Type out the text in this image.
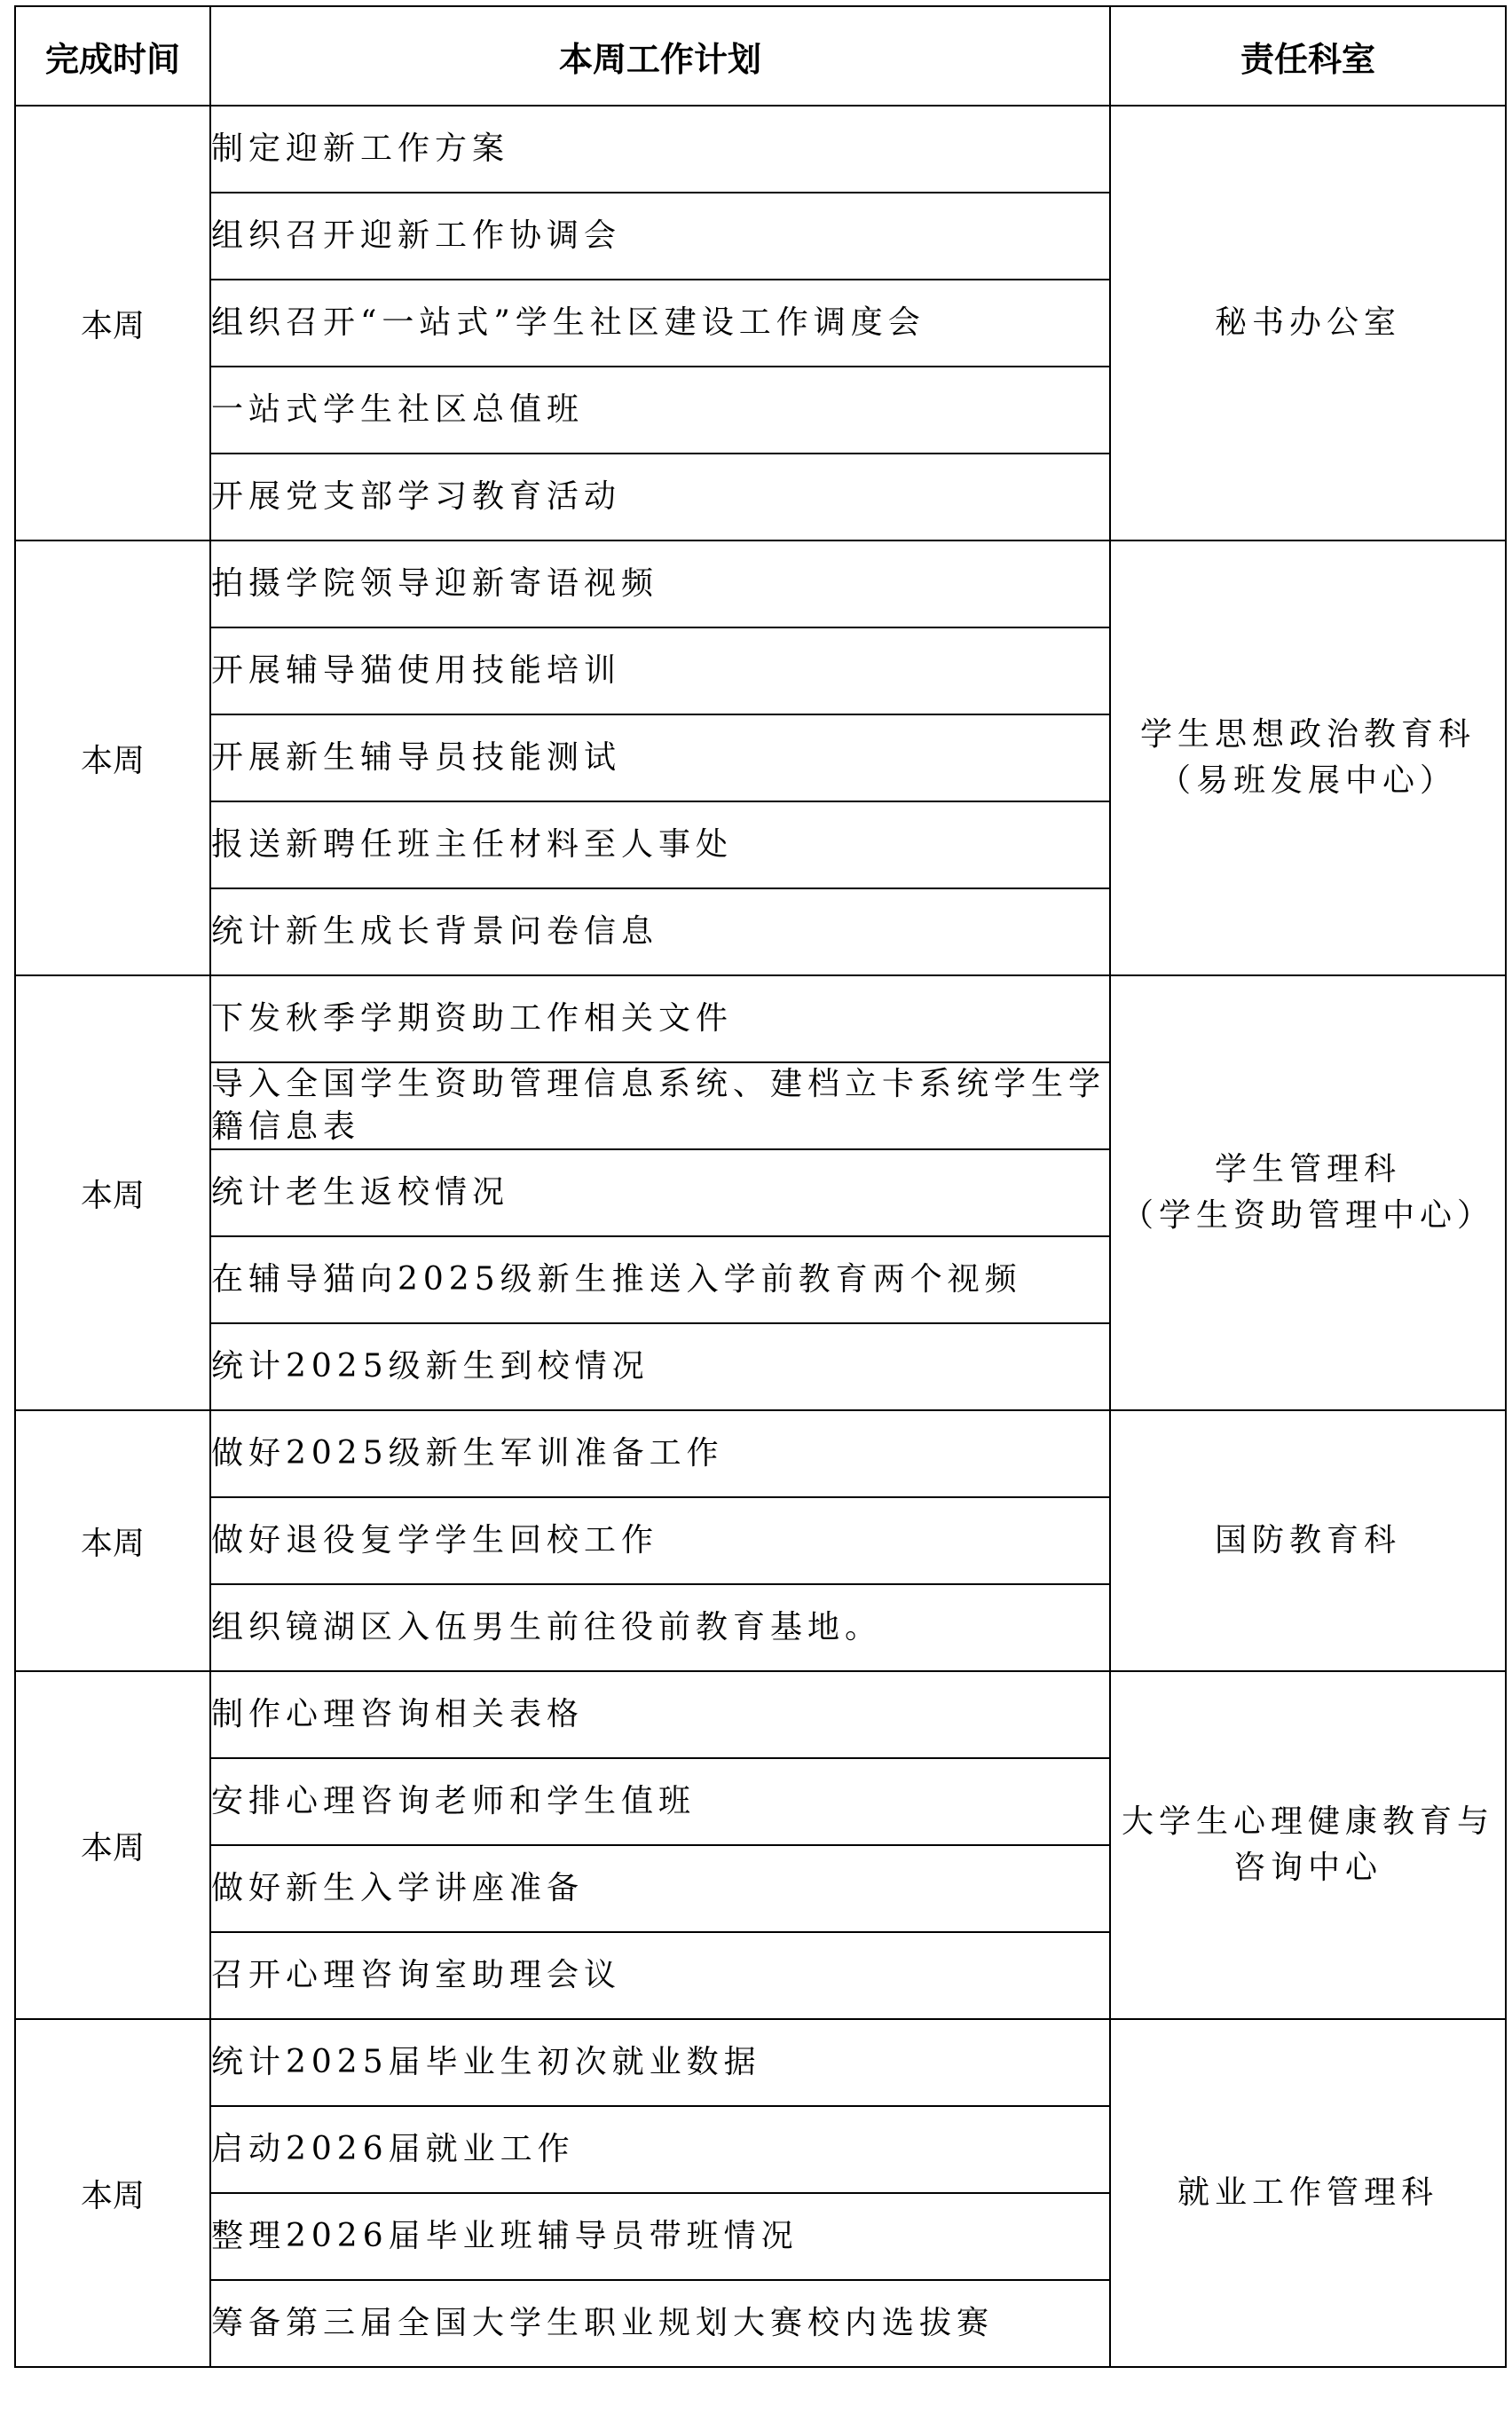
完成时间	本周工作计划	责任科室
本周	制定迎新工作方案	秘书办公室

	组织召开迎新工作协调会	
	组织召开“一站式”学生社区建设工作调度会	
	一站式学生社区总值班	
	开展党支部学习教育活动	
本周	拍摄学院领导迎新寄语视频	学生思想政治教育科
（易班发展中心）

	开展辅导猫使用技能培训	
	开展新生辅导员技能测试	
	报送新聘任班主任材料至人事处	
	统计新生成长背景问卷信息	
本周	下发秋季学期资助工作相关文件	学生管理科
（学生资助管理中心）

	导入全国学生资助管理信息系统、建档立卡系统学生学籍信息表	
	统计老生返校情况	
	在辅导猫向2025级新生推送入学前教育两个视频	
	统计2025级新生到校情况	
本周	做好2025级新生军训准备工作	国防教育科

	做好退役复学学生回校工作	
	组织镜湖区入伍男生前往役前教育基地。	
本周	制作心理咨询相关表格	大学生心理健康教育与
咨询中心

	安排心理咨询老师和学生值班	
	做好新生入学讲座准备	
	召开心理咨询室助理会议	
本周	统计2025届毕业生初次就业数据	就业工作管理科

	启动2026届就业工作	
	整理2026届毕业班辅导员带班情况	
	筹备第三届全国大学生职业规划大赛校内选拔赛	
